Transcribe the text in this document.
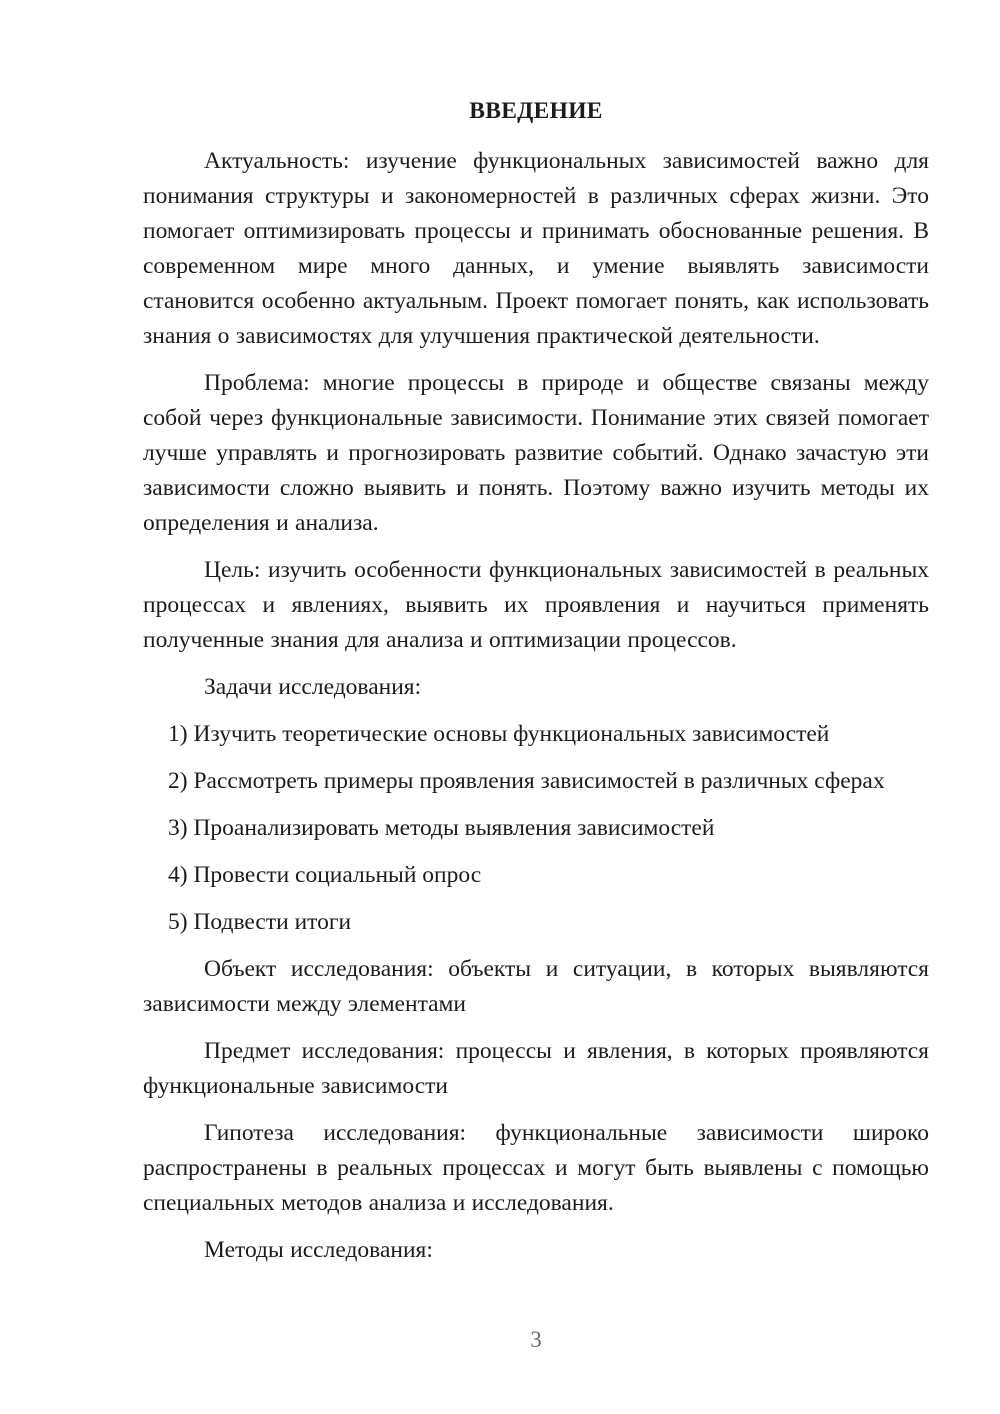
ВВЕДЕНИЕ

Актуальность: изучение функциональных зависимостей важно для понимания структуры и закономерностей в различных сферах жизни. Это помогает оптимизировать процессы и принимать обоснованные решения. В современном мире много данных, и умение выявлять зависимости становится особенно актуальным. Проект помогает понять, как использовать знания о зависимостях для улучшения практической деятельности.

Проблема: многие процессы в природе и обществе связаны между собой через функциональные зависимости. Понимание этих связей помогает лучше управлять и прогнозировать развитие событий. Однако зачастую эти зависимости сложно выявить и понять. Поэтому важно изучить методы их определения и анализа.

Цель: изучить особенности функциональных зависимостей в реальных процессах и явлениях, выявить их проявления и научиться применять полученные знания для анализа и оптимизации процессов.

Задачи исследования:

1) Изучить теоретические основы функциональных зависимостей
2) Рассмотреть примеры проявления зависимостей в различных сферах
3) Проанализировать методы выявления зависимостей
4) Провести социальный опрос
5) Подвести итоги

Объект исследования: объекты и ситуации, в которых выявляются зависимости между элементами

Предмет исследования: процессы и явления, в которых проявляются функциональные зависимости

Гипотеза исследования: функциональные зависимости широко распространены в реальных процессах и могут быть выявлены с помощью специальных методов анализа и исследования.

Методы исследования:

3
